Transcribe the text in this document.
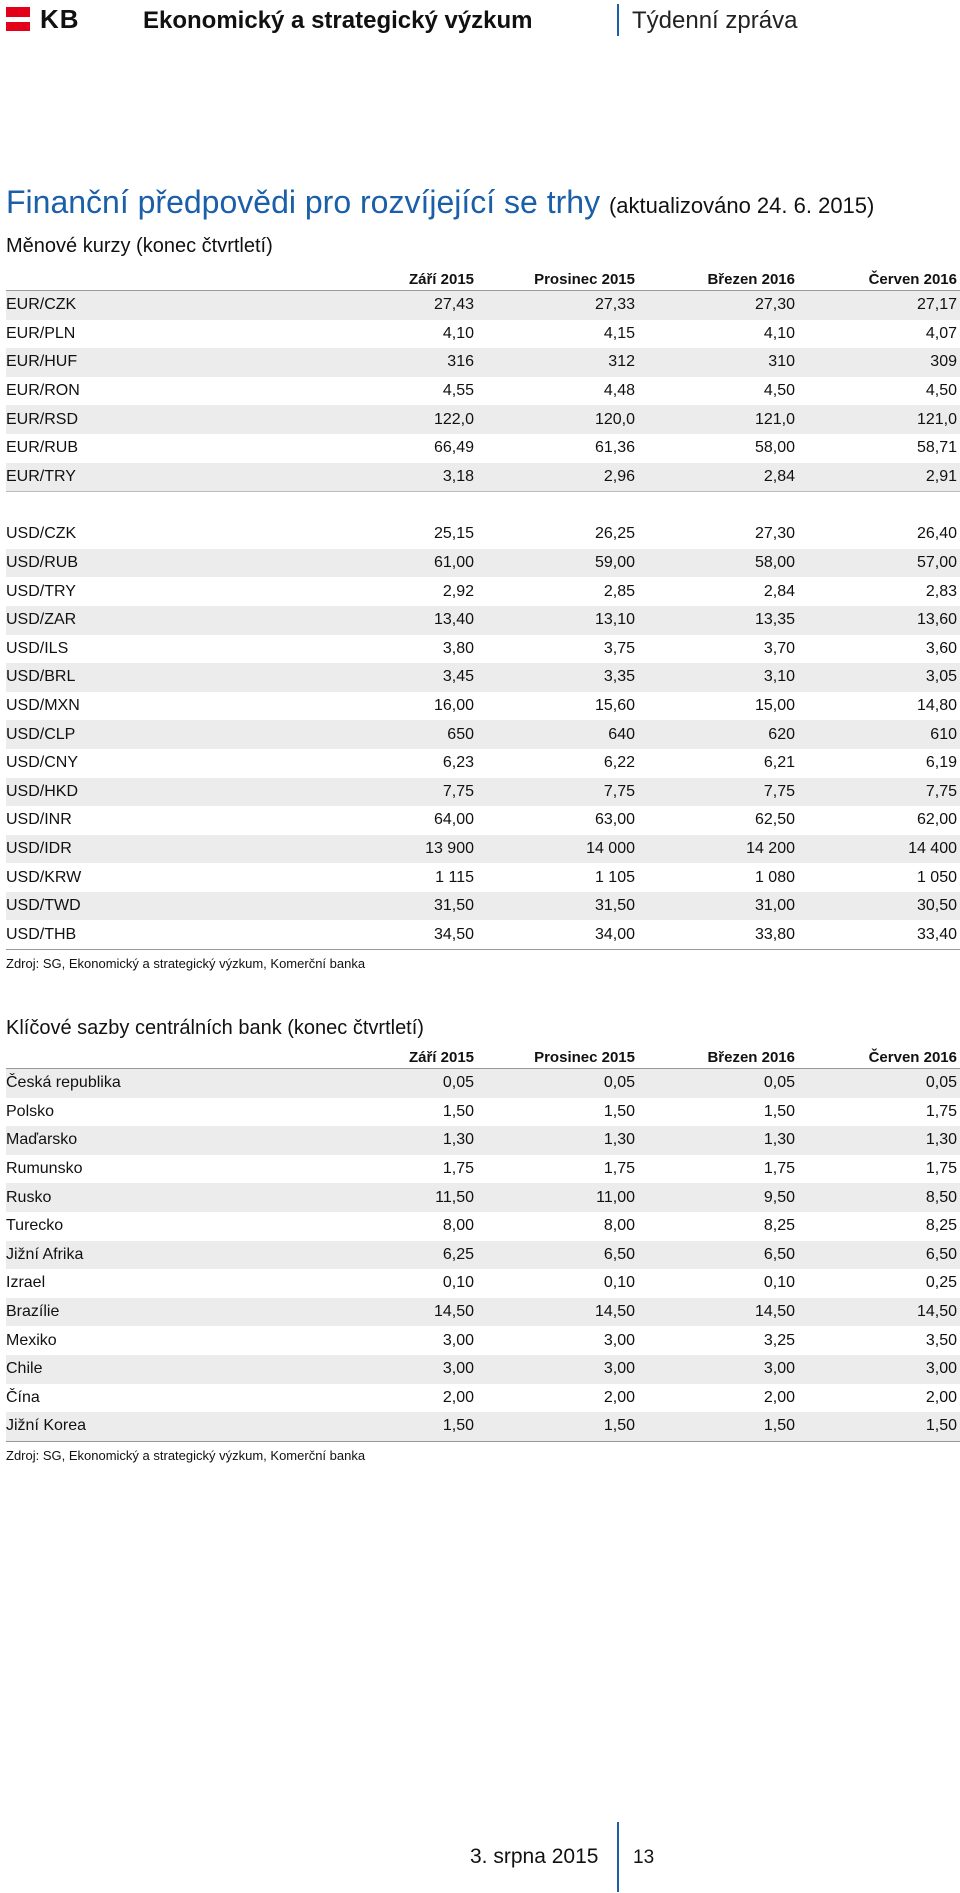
KB	Ekonomický a strategický výzkum	Týdenní zpráva
Finanční předpovědi pro rozvíjející se trhy (aktualizováno 24. 6. 2015)
Měnové kurzy (konec čtvrtletí)
Září 2015	Prosinec 2015	Březen 2016	Červen 2016
EUR/CZK	27,43	27,33	27,30	27,17
EUR/PLN	4,10	4,15	4,10	4,07
EUR/HUF	316	312	310	309
EUR/RON	4,55	4,48	4,50	4,50
EUR/RSD	122,0	120,0	121,0	121,0
EUR/RUB	66,49	61,36	58,00	58,71
EUR/TRY	3,18	2,96	2,84	2,91
USD/CZK	25,15	26,25	27,30	26,40
USD/RUB	61,00	59,00	58,00	57,00
USD/TRY	2,92	2,85	2,84	2,83
USD/ZAR	13,40	13,10	13,35	13,60
USD/ILS	3,80	3,75	3,70	3,60
USD/BRL	3,45	3,35	3,10	3,05
USD/MXN	16,00	15,60	15,00	14,80
USD/CLP	650	640	620	610
USD/CNY	6,23	6,22	6,21	6,19
USD/HKD	7,75	7,75	7,75	7,75
USD/INR	64,00	63,00	62,50	62,00
USD/IDR	13 900	14 000	14 200	14 400
USD/KRW	1 115	1 105	1 080	1 050
USD/TWD	31,50	31,50	31,00	30,50
USD/THB	34,50	34,00	33,80	33,40
Zdroj: SG, Ekonomický a strategický výzkum, Komerční banka
Klíčové sazby centrálních bank (konec čtvrtletí)
Září 2015	Prosinec 2015	Březen 2016	Červen 2016
Česká republika	0,05	0,05	0,05	0,05
Polsko	1,50	1,50	1,50	1,75
Maďarsko	1,30	1,30	1,30	1,30
Rumunsko	1,75	1,75	1,75	1,75
Rusko	11,50	11,00	9,50	8,50
Turecko	8,00	8,00	8,25	8,25
Jižní Afrika	6,25	6,50	6,50	6,50
Izrael	0,10	0,10	0,10	0,25
Brazílie	14,50	14,50	14,50	14,50
Mexiko	3,00	3,00	3,25	3,50
Chile	3,00	3,00	3,00	3,00
Čína	2,00	2,00	2,00	2,00
Jižní Korea	1,50	1,50	1,50	1,50
Zdroj: SG, Ekonomický a strategický výzkum, Komerční banka
3. srpna 2015 13
